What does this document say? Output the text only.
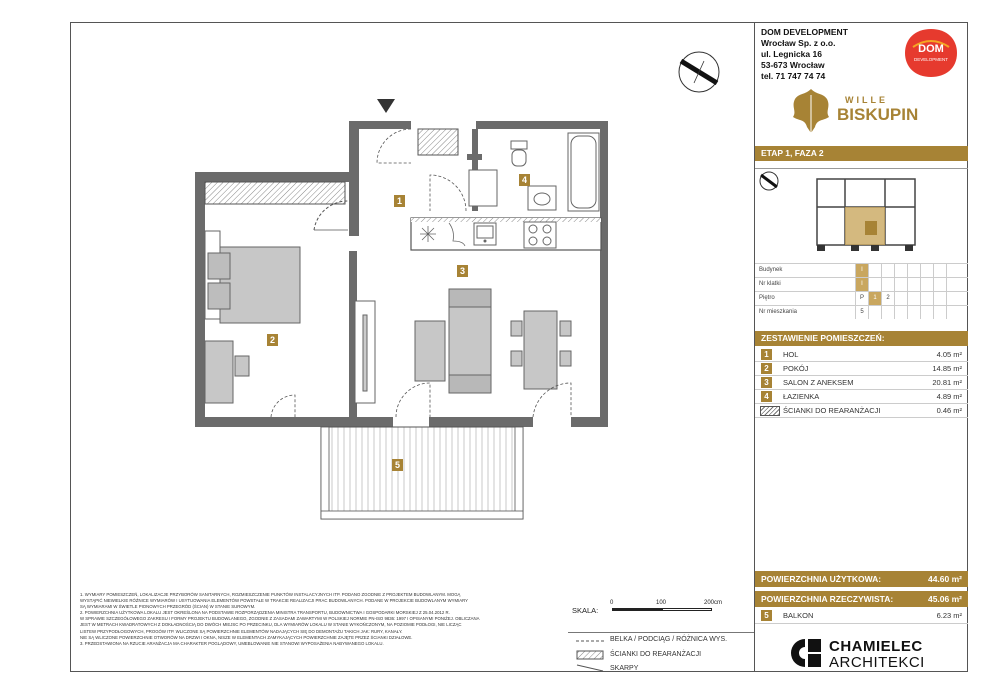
1
2
3
4
5
1. WYMIARY POMIESZCZEŃ, LOKALIZACJE PRZYBORÓW SANITARNYCH, ROZMIESZCZENIE PUNKTÓW INSTALACYJNYCH ITP. PODANO ZGODNIE Z PROJEKTEM BUDOWLANYM. MOGĄ
WYSTĄPIĆ NIEWIELKIE RÓŻNICE WYMIARÓW I USYTUOWANIA ELEMENTÓW POWSTAŁE W TRAKCIE REALIZACJI PRAC BUDOWLANYCH. PODANE W PROJEKCIE BUDOWLANYM WYMIARY
SĄ WYMIARAMI W ŚWIETLE PIONOWYCH PRZEGRÓD (ŚCIAN) W STANIE SUROWYM.
2. POWIERZCHNIA UŻYTKOWA LOKALU JEST OKREŚLONA NA PODSTAWIE ROZPORZĄDZENIA MINISTRA TRANSPORTU, BUDOWNICTWA I GOSPODARKI MORSKIEJ Z 25.04.2012 R.
W SPRAWIE SZCZEGÓŁOWEGO ZAKRESU I FORMY PROJEKTU BUDOWLANEGO, ZGODNIE Z ZASADAMI ZAWARTYMI W POLSKIEJ NORMIE PN-ISO 9836: 1997 I OPISANYMI PONIŻEJ. OBLICZANA
JEST W METRACH KWADRATOWYCH Z DOKŁADNOŚCIĄ DO DWÓCH MIEJSC PO PRZECINKU, DLA WYMIARÓW LOKALU W STANIE WYKOŃCZONYM, NA POZIOMIE PODŁOGI, NIE LICZĄC
LISTEW PRZYPODŁOGOWYCH, PROGÓW ITP. WLICZONE SĄ POWIERZCHNIE ELEMENTÓW NADAJĄCYCH SIĘ DO DEMONTAŻU TAKICH JAK: RURY, KANAŁY.
NIE SĄ WLICZONE POWIERZCHNIE OTWORÓW NA DRZWI I OKNA, NISZE W ELEMENTACH ZAMYKAJĄCYCH POWIERZCHNIE ZAJĘTE PRZEZ ŚCIANKI DZIAŁOWE.
3. PRZEDSTAWIONA NA RZUCIE ARANŻACJA MA CHARAKTER POGLĄDOWY, UMEBLOWANIE NIE STANOWI WYPOSAŻENIA NABYWANEGO LOKALU.
SKALA:
0	100	200cm
BELKA / PODCIĄG / RÓŻNICA WYS.
ŚCIANKI DO REARANŻACJI
SKARPY
DOM DEVELOPMENT
Wrocław Sp. z o.o.
ul. Legnicka 16
53-673 Wrocław
tel. 71 747 74 74
DOM
DEVELOPMENT
WILLE
BISKUPIN
ETAP 1, FAZA 2
Budynek	I
Nr klatki	I
Piętro	P	1	2
Nr mieszkania	5
ZESTAWIENIE POMIESZCZEŃ:
1	HOL	4.05 m²
2	POKÓJ	14.85 m²
3	SALON Z ANEKSEM	20.81 m²
4	ŁAZIENKA	4.89 m²
ŚCIANKI DO REARANŻACJI	0.46 m²
POWIERZCHNIA UŻYTKOWA:	44.60 m²
POWIERZCHNIA RZECZYWISTA:	45.06 m²
5	BALKON	6.23 m²
CHAMIELEC
ARCHITEKCI
